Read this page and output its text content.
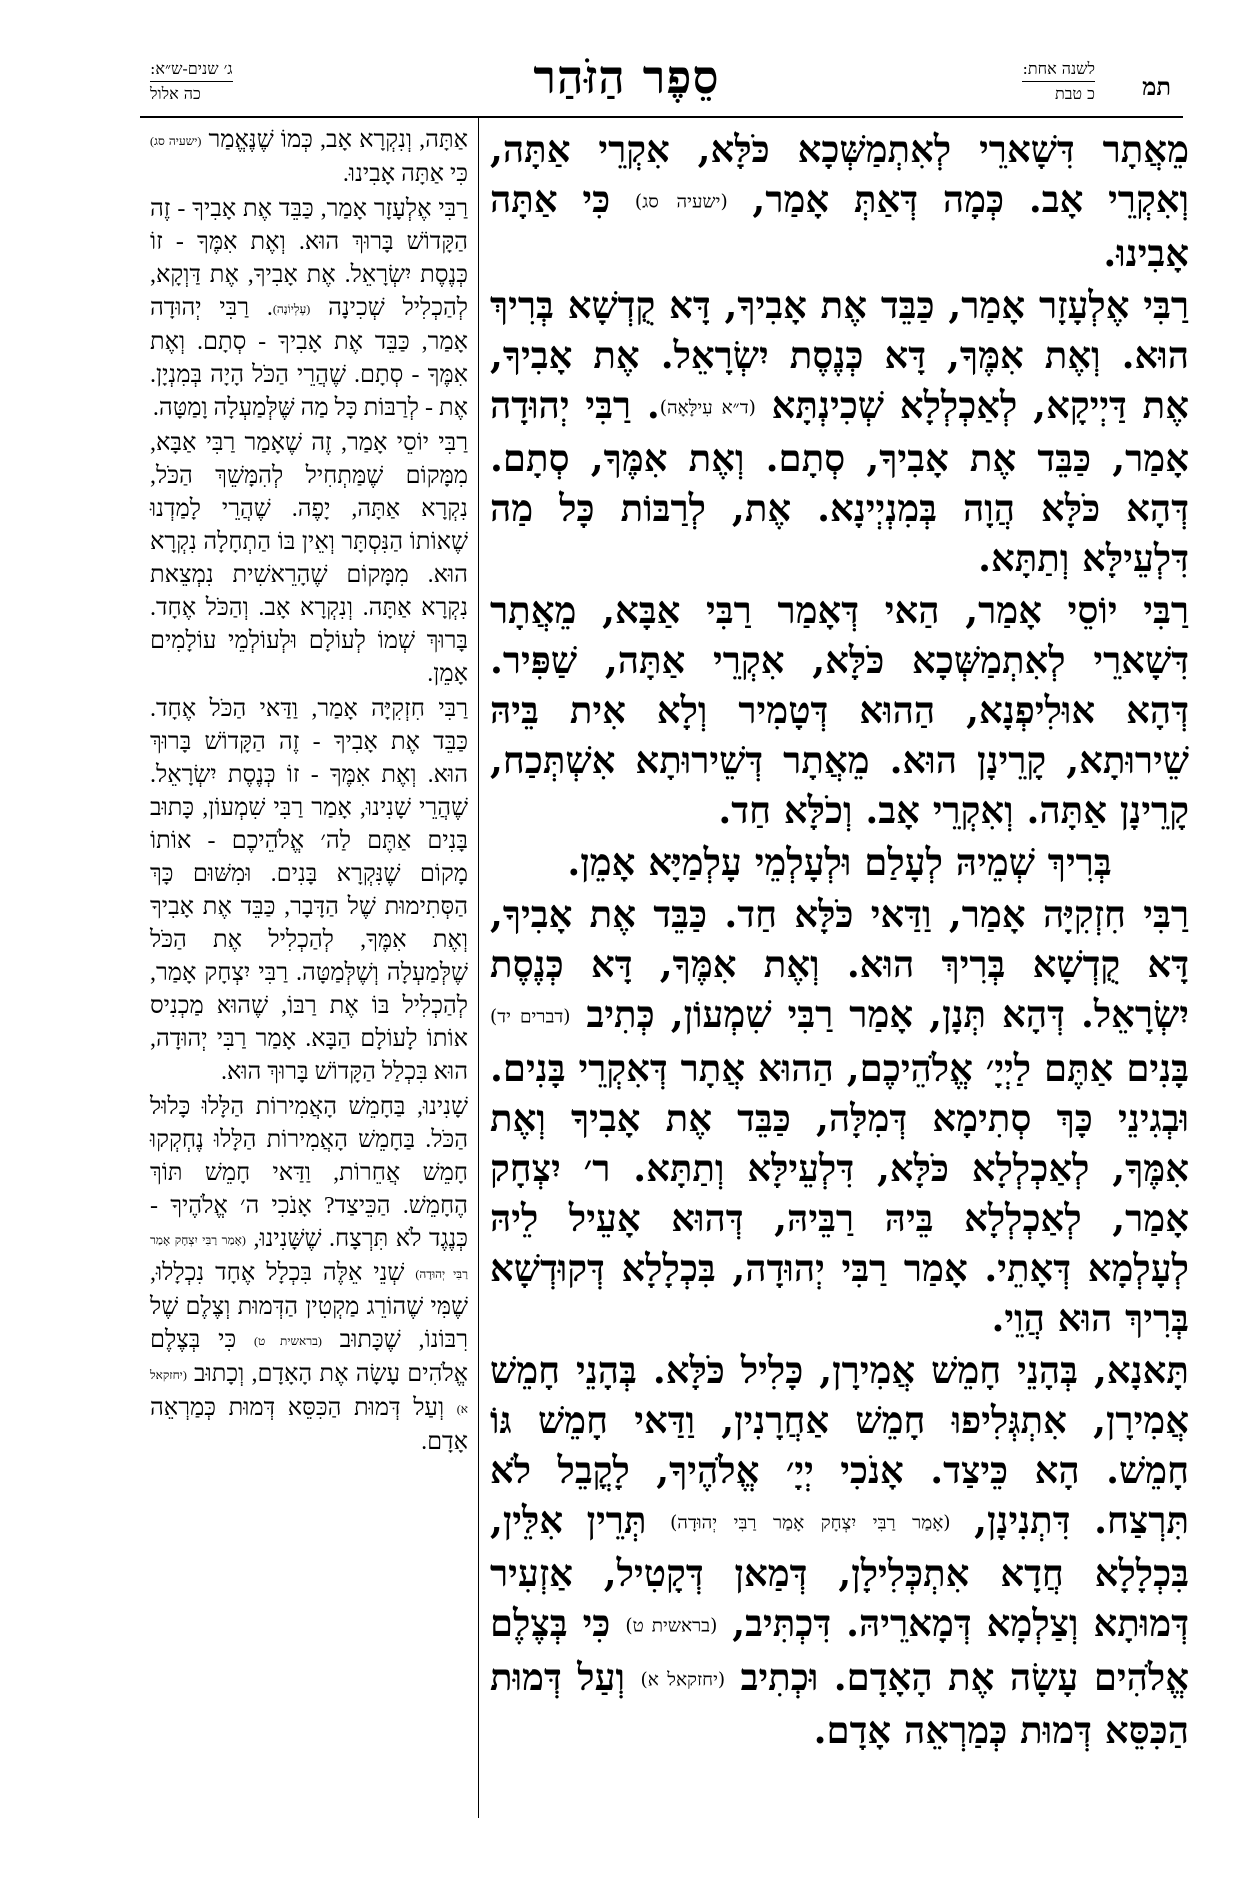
תמ
לשנה אחת:
כ טבת
סֵפֶר הַזֹּהַר
ג׳ שנים-ש״א:
כה אלול

מֵאֲתָר דִּשָׁארֵי לְאִתְמַשְּׁכָא כֹּלָּא, אִקְרֵי אַתָּה, וְאִקְרֵי אָב. כְּמָה דְּאַתְּ אָמַר, (ישעיה סג) כִּי אַתָּה אָבִינוּ.

רַבִּי אֶלְעָזָר אָמַר, כַּבֵּד אֶת אָבִיךָ, דָּא קֻדְשָׁא בְּרִיךְ הוּא. וְאֶת אִמֶּךָ, דָּא כְּנֶסֶת יִשְׂרָאֵל. אֶת אָבִיךָ, אֶת דַּיְיקָא, לְאַכְלְלָא שְׁכִינְתָּא (ד״א עִילָּאָה). רַבִּי יְהוּדָה אָמַר, כַּבֵּד אֶת אָבִיךָ, סְתָם. וְאֶת אִמֶּךָ, סְתָם. דְּהָא כֹּלָּא הֲוָה בְּמִנְיְינָא. אֶת, לְרַבּוֹת כָּל מַה דִּלְעֵילָּא וְתַתָּא.

רַבִּי יוֹסֵי אָמַר, הַאי דְּאָמַר רַבִּי אַבָּא, מֵאֲתָר דִּשָׁארֵי לְאִתְמַשְּׁכָא כֹּלָּא, אִקְרֵי אַתָּה, שַׁפִּיר. דְּהָא אוּלִיפְנָא, הַהוּא דְּטָמִיר וְלָא אִית בֵּיהּ שֵׁירוּתָא, קָרֵינָן הוּא. מֵאֲתָר דְּשֵׁירוּתָא אִשְׁתְּכַח, קָרֵינָן אַתָּה. וְאִקְרֵי אָב. וְכֹלָּא חַד.

בְּרִיךְ שְׁמֵיהּ לְעָלַם וּלְעָלְמֵי עָלְמַיָּא אָמֵן.

רַבִּי חִזְקִיָּה אָמַר, וַדַּאי כֹּלָּא חַד. כַּבֵּד אֶת אָבִיךָ, דָּא קֻדְשָׁא בְּרִיךְ הוּא. וְאֶת אִמֶּךָ, דָּא כְּנֶסֶת יִשְׂרָאֵל. דְּהָא תְּנָן, אָמַר רַבִּי שִׁמְעוֹן, כְּתִיב (דברים יד) בָּנִים אַתֶּם לַיְיָ׳ אֱלֹהֵיכֶם, הַהוּא אֲתָר דְּאִקְרֵי בָּנִים. וּבְגִינֵי כָּךְ סְתִימָא דְּמִלָּה, כַּבֵּד אֶת אָבִיךָ וְאֶת אִמֶּךָ, לְאַכְלְלָא כֹּלָּא, דִּלְעֵילָּא וְתַתָּא. ר׳ יִצְחָק אָמַר, לְאַכְלְלָא בֵּיהּ רַבֵּיהּ, דְּהוּא אָעֵיל לֵיהּ לְעָלְמָא דְּאָתֵי. אָמַר רַבִּי יְהוּדָה, בִּכְלָלָא דְּקוּדְשָׁא בְּרִיךְ הוּא הֲוֵי.

תָּאנָא, בְּהָנֵי חָמֵשׁ אֲמִירָן, כָּלִיל כֹּלָּא. בְּהָנֵי חָמֵשׁ אֲמִירָן, אִתְגְּלִיפוּ חָמֵשׁ אַחֲרָנִין, וַדַּאי חָמֵשׁ גּוֹ חָמֵשׁ. הָא כֵּיצַד. אָנֹכִי יְיָ׳ אֱלֹהֶיךָ, לָקֳבֵל לֹא תִּרְצַח. דִּתְנִינָן, (אָמַר רַבִּי יִצְחָק אָמַר רַבִּי יְהוּדָה) תְּרֵין אִלֵּין, בִּכְלָלָא חֲדָא אִתְכְּלִילָן, דְּמַאן דְּקָטִיל, אַזְעִיר דְּמוּתָא וְצַלְמָא דְּמָארֵיהּ. דִּכְתִּיב, (בראשית ט) כִּי בְּצֶלֶם אֱלֹהִים עָשָׂה אֶת הָאָדָם. וּכְתִיב (יחזקאל א) וְעַל דְּמוּת הַכִּסֵּא דְּמוּת כְּמַרְאֵה אָדָם.

אַתָּה, וְנִקְרָא אָב, כְּמוֹ שֶׁנֶּאֱמַר (ישעיה סג) כִּי אַתָּה אָבִינוּ.

רַבִּי אֶלְעָזָר אָמַר, כַּבֵּד אֶת אָבִיךָ - זֶה הַקָּדוֹשׁ בָּרוּךְ הוּא. וְאֶת אִמֶּךָ - זוֹ כְּנֶסֶת יִשְׂרָאֵל. אֶת אָבִיךָ, אֶת דַּוְקָא, לְהַכְלִיל שְׁכִינָה (עֶלְיוֹנָה). רַבִּי יְהוּדָה אָמַר, כַּבֵּד אֶת אָבִיךָ - סְתָם. וְאֶת אִמֶּךָ - סְתָם. שֶׁהֲרֵי הַכֹּל הָיָה בְּמִנְיָן. אֶת - לְרַבּוֹת כָּל מַה שֶּׁלְּמַעְלָה וָמַטָּה.

רַבִּי יוֹסֵי אָמַר, זֶה שֶׁאָמַר רַבִּי אַבָּא, מִמָּקוֹם שֶׁמַּתְחִיל לְהִמָּשֵׁךְ הַכֹּל, נִקְרָא אַתָּה, יָפֶה. שֶׁהֲרֵי לָמַדְנוּ שֶׁאוֹתוֹ הַנִּסְתָּר וְאֵין בּוֹ הַתְחָלָה נִקְרָא הוּא. מִמָּקוֹם שֶׁהָרֵאשִׁית נִמְצֵאת נִקְרָא אַתָּה. וְנִקְרָא אָב. וְהַכֹּל אֶחָד. בָּרוּךְ שְׁמוֹ לְעוֹלָם וּלְעוֹלְמֵי עוֹלָמִים אָמֵן.

רַבִּי חִזְקִיָּה אָמַר, וַדַּאי הַכֹּל אֶחָד. כַּבֵּד אֶת אָבִיךָ - זֶה הַקָּדוֹשׁ בָּרוּךְ הוּא. וְאֶת אִמֶּךָ - זוֹ כְּנֶסֶת יִשְׂרָאֵל. שֶׁהֲרֵי שָׁנִינוּ, אָמַר רַבִּי שִׁמְעוֹן, כָּתוּב בָּנִים אַתֶּם לַה׳ אֱלֹהֵיכֶם - אוֹתוֹ מָקוֹם שֶׁנִּקְרָא בָּנִים. וּמִשּׁוּם כָּךְ הַסְּתִימוּת שֶׁל הַדָּבָר, כַּבֵּד אֶת אָבִיךָ וְאֶת אִמֶּךָ, לְהַכְלִיל אֶת הַכֹּל שֶׁלְּמַעְלָה וְשֶׁלְּמַטָּה. רַבִּי יִצְחָק אָמַר, לְהַכְלִיל בּוֹ אֶת רַבּוֹ, שֶׁהוּא מַכְנִיס אוֹתוֹ לָעוֹלָם הַבָּא. אָמַר רַבִּי יְהוּדָה, הוּא בִּכְלַל הַקָּדוֹשׁ בָּרוּךְ הוּא.

שָׁנִינוּ, בַּחָמֵשׁ הָאֲמִירוֹת הַלָּלוּ כָּלוּל הַכֹּל. בַּחָמֵשׁ הָאֲמִירוֹת הַלָּלוּ נֶחְקְקוּ חָמֵשׁ אֲחֵרוֹת, וַדַּאי חָמֵשׁ תּוֹךְ הֶחָמֵשׁ. הַכֵּיצַד? אָנֹכִי ה׳ אֱלֹהֶיךָ - כְּנֶגֶד לֹא תִּרְצָח. שֶׁשָּׁנִינוּ, (אָמַר רַבִּי יִצְחָק אָמַר רַבִּי יְהוּדָה) שְׁנֵי אֵלֶּה בִּכְלָל אֶחָד נִכְלָלוּ, שֶׁמִּי שֶׁהוֹרֵג מַקְטִין הַדְּמוּת וְצֶלֶם שֶׁל רִבּוֹנוֹ, שֶׁכָּתוּב (בראשית ט) כִּי בְּצֶלֶם אֱלֹהִים עָשָׂה אֶת הָאָדָם, וְכָתוּב (יחזקאל א) וְעַל דְּמוּת הַכִּסֵּא דְּמוּת כְּמַרְאֵה אָדָם.
